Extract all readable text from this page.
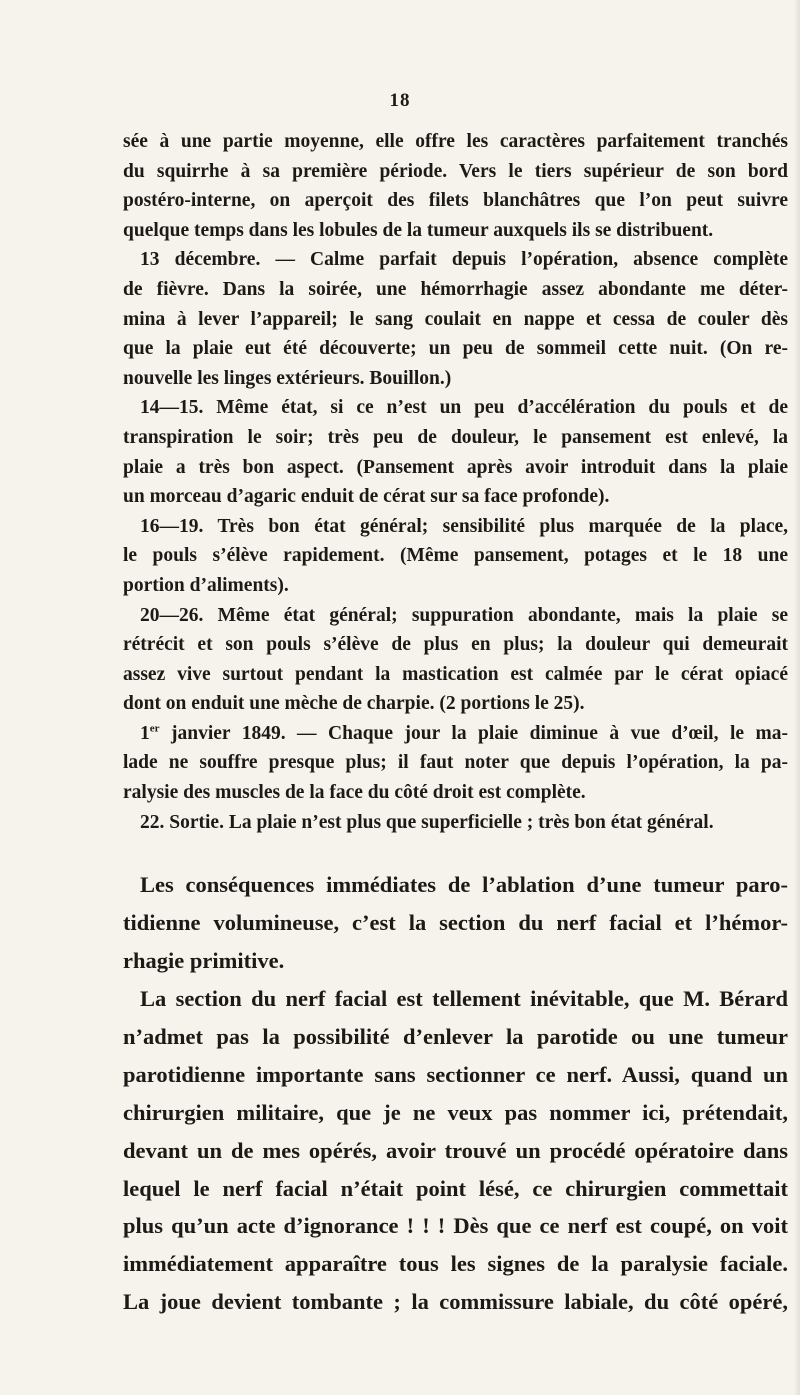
18

sée à une partie moyenne, elle offre les caractères parfaitement tranchés

du squirrhe à sa première période. Vers le tiers supérieur de son bord

postéro-interne, on aperçoit des filets blanchâtres que l’on peut suivre

quelque temps dans les lobules de la tumeur auxquels ils se distribuent.

13 décembre. — Calme parfait depuis l’opération, absence complète

de fièvre. Dans la soirée, une hémorrhagie assez abondante me déter-

mina à lever l’appareil; le sang coulait en nappe et cessa de couler dès

que la plaie eut été découverte; un peu de sommeil cette nuit. (On re-

nouvelle les linges extérieurs. Bouillon.)

14—15. Même état, si ce n’est un peu d’accélération du pouls et de

transpiration le soir; très peu de douleur, le pansement est enlevé, la

plaie a très bon aspect. (Pansement après avoir introduit dans la plaie

un morceau d’agaric enduit de cérat sur sa face profonde).

16—19. Très bon état général; sensibilité plus marquée de la place,

le pouls s’élève rapidement. (Même pansement, potages et le 18 une

portion d’aliments).

20—26. Même état général; suppuration abondante, mais la plaie se

rétrécit et son pouls s’élève de plus en plus; la douleur qui demeurait

assez vive surtout pendant la mastication est calmée par le cérat opiacé

dont on enduit une mèche de charpie. (2 portions le 25).

1er janvier 1849. — Chaque jour la plaie diminue à vue d’œil, le ma-

lade ne souffre presque plus; il faut noter que depuis l’opération, la pa-

ralysie des muscles de la face du côté droit est complète.

22. Sortie. La plaie n’est plus que superficielle ; très bon état général.

Les conséquences immédiates de l’ablation d’une tumeur paro-

tidienne volumineuse, c’est la section du nerf facial et l’hémor-

rhagie primitive.

La section du nerf facial est tellement inévitable, que M. Bérard

n’admet pas la possibilité d’enlever la parotide ou une tumeur

parotidienne importante sans sectionner ce nerf. Aussi, quand un

chirurgien militaire, que je ne veux pas nommer ici, prétendait,

devant un de mes opérés, avoir trouvé un procédé opératoire dans

lequel le nerf facial n’était point lésé, ce chirurgien commettait

plus qu’un acte d’ignorance ! ! ! Dès que ce nerf est coupé, on voit

immédiatement apparaître tous les signes de la paralysie faciale.

La joue devient tombante ; la commissure labiale, du côté opéré,
